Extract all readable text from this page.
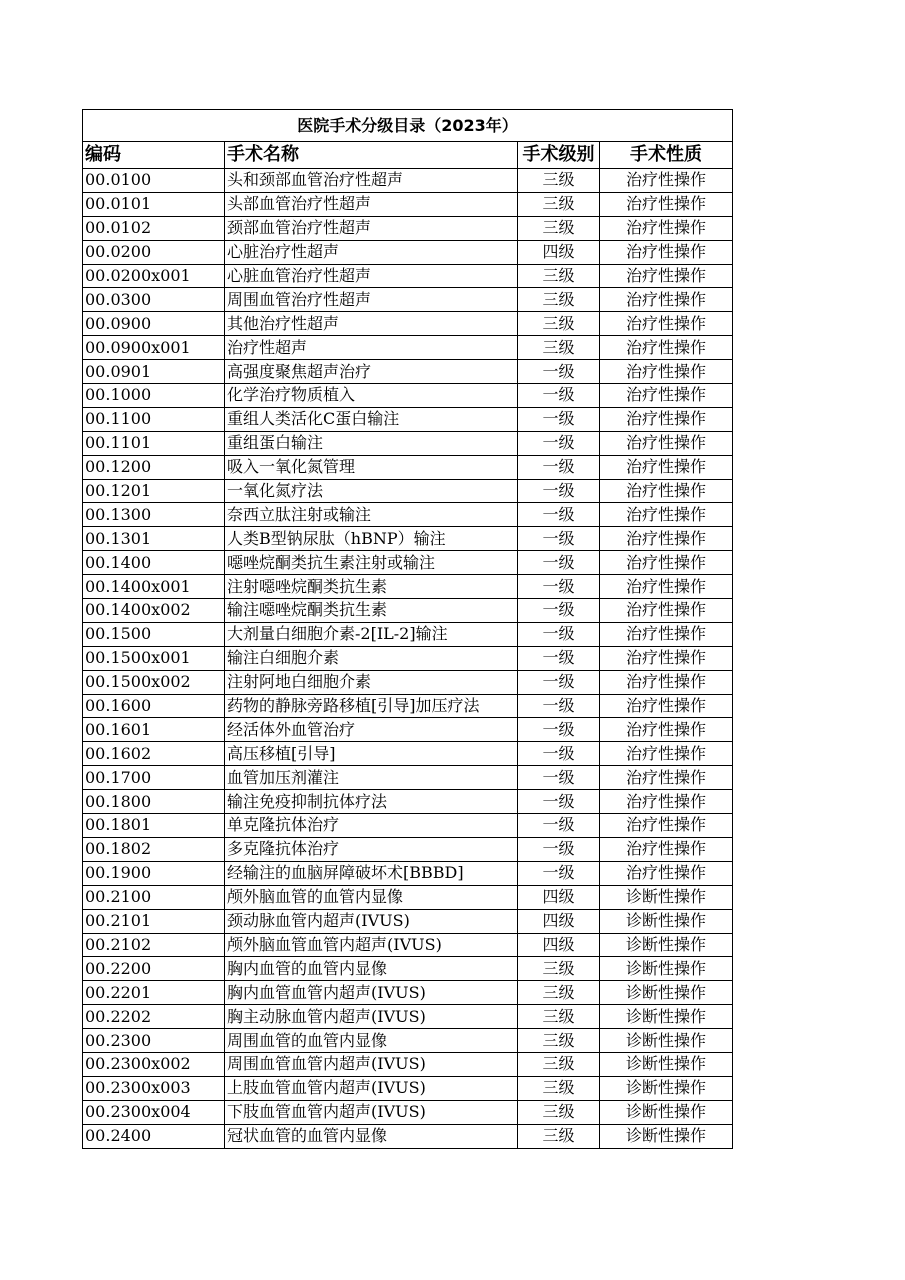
医院手术分级目录（2023年）			
编码	手术名称	手术级别	手术性质
00.0100	头和颈部血管治疗性超声	三级	治疗性操作
00.0101	头部血管治疗性超声	三级	治疗性操作
00.0102	颈部血管治疗性超声	三级	治疗性操作
00.0200	心脏治疗性超声	四级	治疗性操作
00.0200x001	心脏血管治疗性超声	三级	治疗性操作
00.0300	周围血管治疗性超声	三级	治疗性操作
00.0900	其他治疗性超声	三级	治疗性操作
00.0900x001	治疗性超声	三级	治疗性操作
00.0901	高强度聚焦超声治疗	一级	治疗性操作
00.1000	化学治疗物质植入	一级	治疗性操作
00.1100	重组人类活化C蛋白输注	一级	治疗性操作
00.1101	重组蛋白输注	一级	治疗性操作
00.1200	吸入一氧化氮管理	一级	治疗性操作
00.1201	一氧化氮疗法	一级	治疗性操作
00.1300	奈西立肽注射或输注	一级	治疗性操作
00.1301	人类B型钠尿肽（hBNP）输注	一级	治疗性操作
00.1400	噁唑烷酮类抗生素注射或输注	一级	治疗性操作
00.1400x001	注射噁唑烷酮类抗生素	一级	治疗性操作
00.1400x002	输注噁唑烷酮类抗生素	一级	治疗性操作
00.1500	大剂量白细胞介素-2[IL-2]输注	一级	治疗性操作
00.1500x001	输注白细胞介素	一级	治疗性操作
00.1500x002	注射阿地白细胞介素	一级	治疗性操作
00.1600	药物的静脉旁路移植[引导]加压疗法	一级	治疗性操作
00.1601	经活体外血管治疗	一级	治疗性操作
00.1602	高压移植[引导]	一级	治疗性操作
00.1700	血管加压剂灌注	一级	治疗性操作
00.1800	输注免疫抑制抗体疗法	一级	治疗性操作
00.1801	单克隆抗体治疗	一级	治疗性操作
00.1802	多克隆抗体治疗	一级	治疗性操作
00.1900	经输注的血脑屏障破坏术[BBBD]	一级	治疗性操作
00.2100	颅外脑血管的血管内显像	四级	诊断性操作
00.2101	颈动脉血管内超声(IVUS)	四级	诊断性操作
00.2102	颅外脑血管血管内超声(IVUS)	四级	诊断性操作
00.2200	胸内血管的血管内显像	三级	诊断性操作
00.2201	胸内血管血管内超声(IVUS)	三级	诊断性操作
00.2202	胸主动脉血管内超声(IVUS)	三级	诊断性操作
00.2300	周围血管的血管内显像	三级	诊断性操作
00.2300x002	周围血管血管内超声(IVUS)	三级	诊断性操作
00.2300x003	上肢血管血管内超声(IVUS)	三级	诊断性操作
00.2300x004	下肢血管血管内超声(IVUS)	三级	诊断性操作
00.2400	冠状血管的血管内显像	三级	诊断性操作
